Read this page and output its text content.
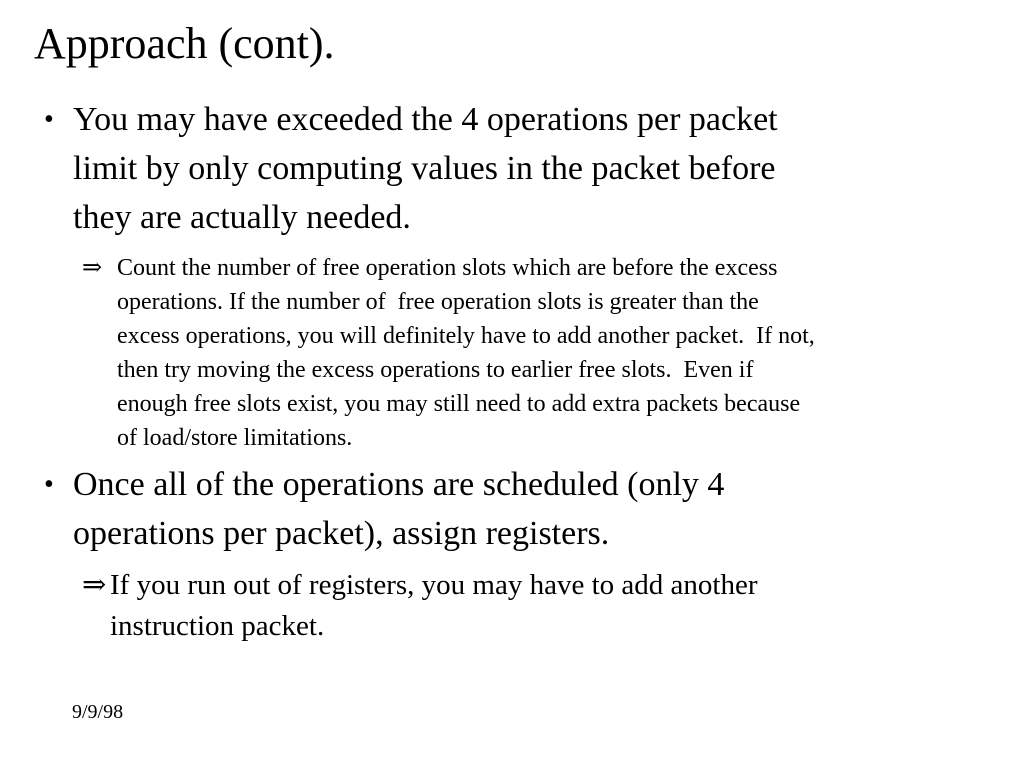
Approach (cont).
• You may have exceeded the 4 operations per packet
limit by only computing values in the packet before
they are actually needed.
⇒ Count the number of free operation slots which are before the excess
operations. If the number of  free operation slots is greater than the
excess operations, you will definitely have to add another packet.  If not,
then try moving the excess operations to earlier free slots.  Even if
enough free slots exist, you may still need to add extra packets because
of load/store limitations.
• Once all of the operations are scheduled (only 4
operations per packet), assign registers.
⇒ If you run out of registers, you may have to add another
instruction packet.
9/9/98
